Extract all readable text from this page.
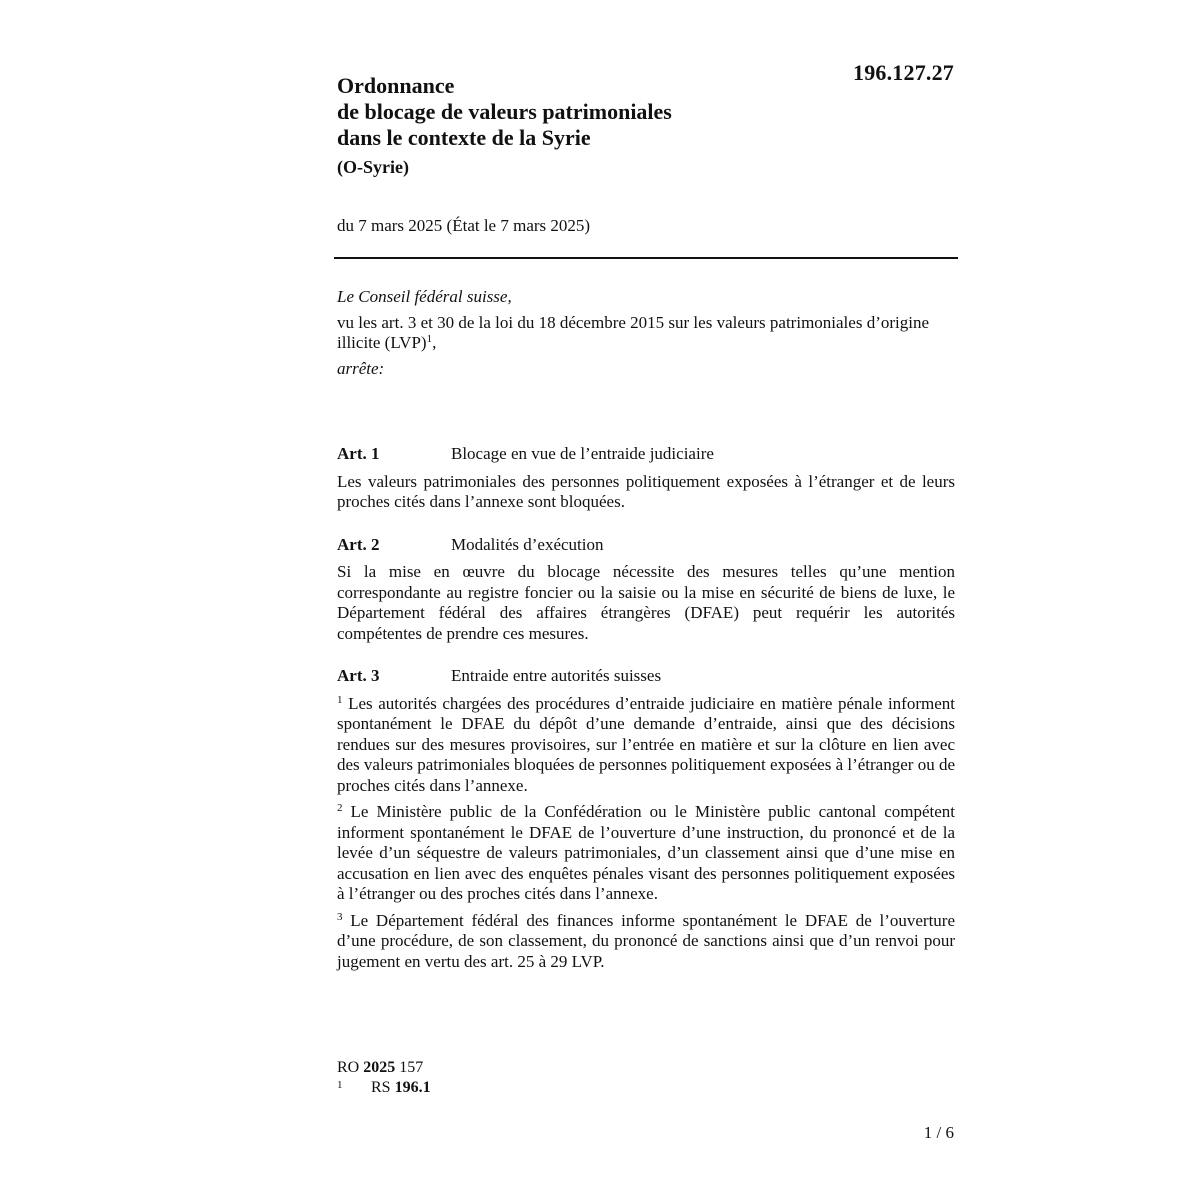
196.127.27
Ordonnance
de blocage de valeurs patrimoniales
dans le contexte de la Syrie
(O-Syrie)
du 7 mars 2025 (État le 7 mars 2025)

Le Conseil fédéral suisse,

vu les art. 3 et 30 de la loi du 18 décembre 2015 sur les valeurs patrimoniales d’origine illicite (LVP)$^1$,

arrête:

Art. 1	Blocage en vue de l’entraide judiciaire

Les valeurs patrimoniales des personnes politiquement exposées à l’étranger et de leurs proches cités dans l’annexe sont bloquées.

Art. 2	Modalités d’exécution

Si la mise en œuvre du blocage nécessite des mesures telles qu’une mention correspondante au registre foncier ou la saisie ou la mise en sécurité de biens de luxe, le Département fédéral des affaires étrangères (DFAE) peut requérir les autorités compétentes de prendre ces mesures.

Art. 3	Entraide entre autorités suisses

$^1$ Les autorités chargées des procédures d’entraide judiciaire en matière pénale informent spontanément le DFAE du dépôt d’une demande d’entraide, ainsi que des décisions rendues sur des mesures provisoires, sur l’entrée en matière et sur la clôture en lien avec des valeurs patrimoniales bloquées de personnes politiquement exposées à l’étranger ou de proches cités dans l’annexe.

$^2$ Le Ministère public de la Confédération ou le Ministère public cantonal compétent informent spontanément le DFAE de l’ouverture d’une instruction, du prononcé et de la levée d’un séquestre de valeurs patrimoniales, d’un classement ainsi que d’une mise en accusation en lien avec des enquêtes pénales visant des personnes politiquement exposées à l’étranger ou des proches cités dans l’annexe.

$^3$ Le Département fédéral des finances informe spontanément le DFAE de l’ouverture d’une procédure, de son classement, du prononcé de sanctions ainsi que d’un renvoi pour jugement en vertu des art. 25 à 29 LVP.

RO 2025 157
1	RS 196.1
1 / 6
